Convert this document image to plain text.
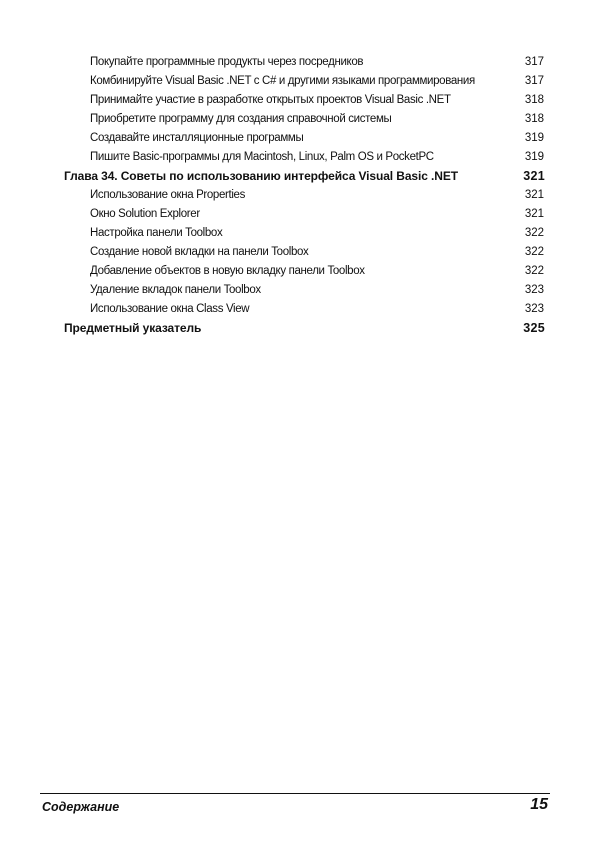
Покупайте программные продукты через посредников	317
Комбинируйте Visual Basic .NET с C# и другими языками программирования	317
Принимайте участие в разработке открытых проектов Visual Basic .NET	318
Приобретите программу для создания справочной системы	318
Создавайте инсталляционные программы	319
Пишите Basic-программы для Macintosh, Linux, Palm OS и PocketPC	319
Глава 34. Советы по использованию интерфейса Visual Basic .NET	321
Использование окна Properties	321
Окно Solution Explorer	321
Настройка панели Toolbox	322
Создание новой вкладки на панели Toolbox	322
Добавление объектов в новую вкладку панели Toolbox	322
Удаление вкладок панели Toolbox	323
Использование окна Class View	323
Предметный указатель	325
Содержание	15
